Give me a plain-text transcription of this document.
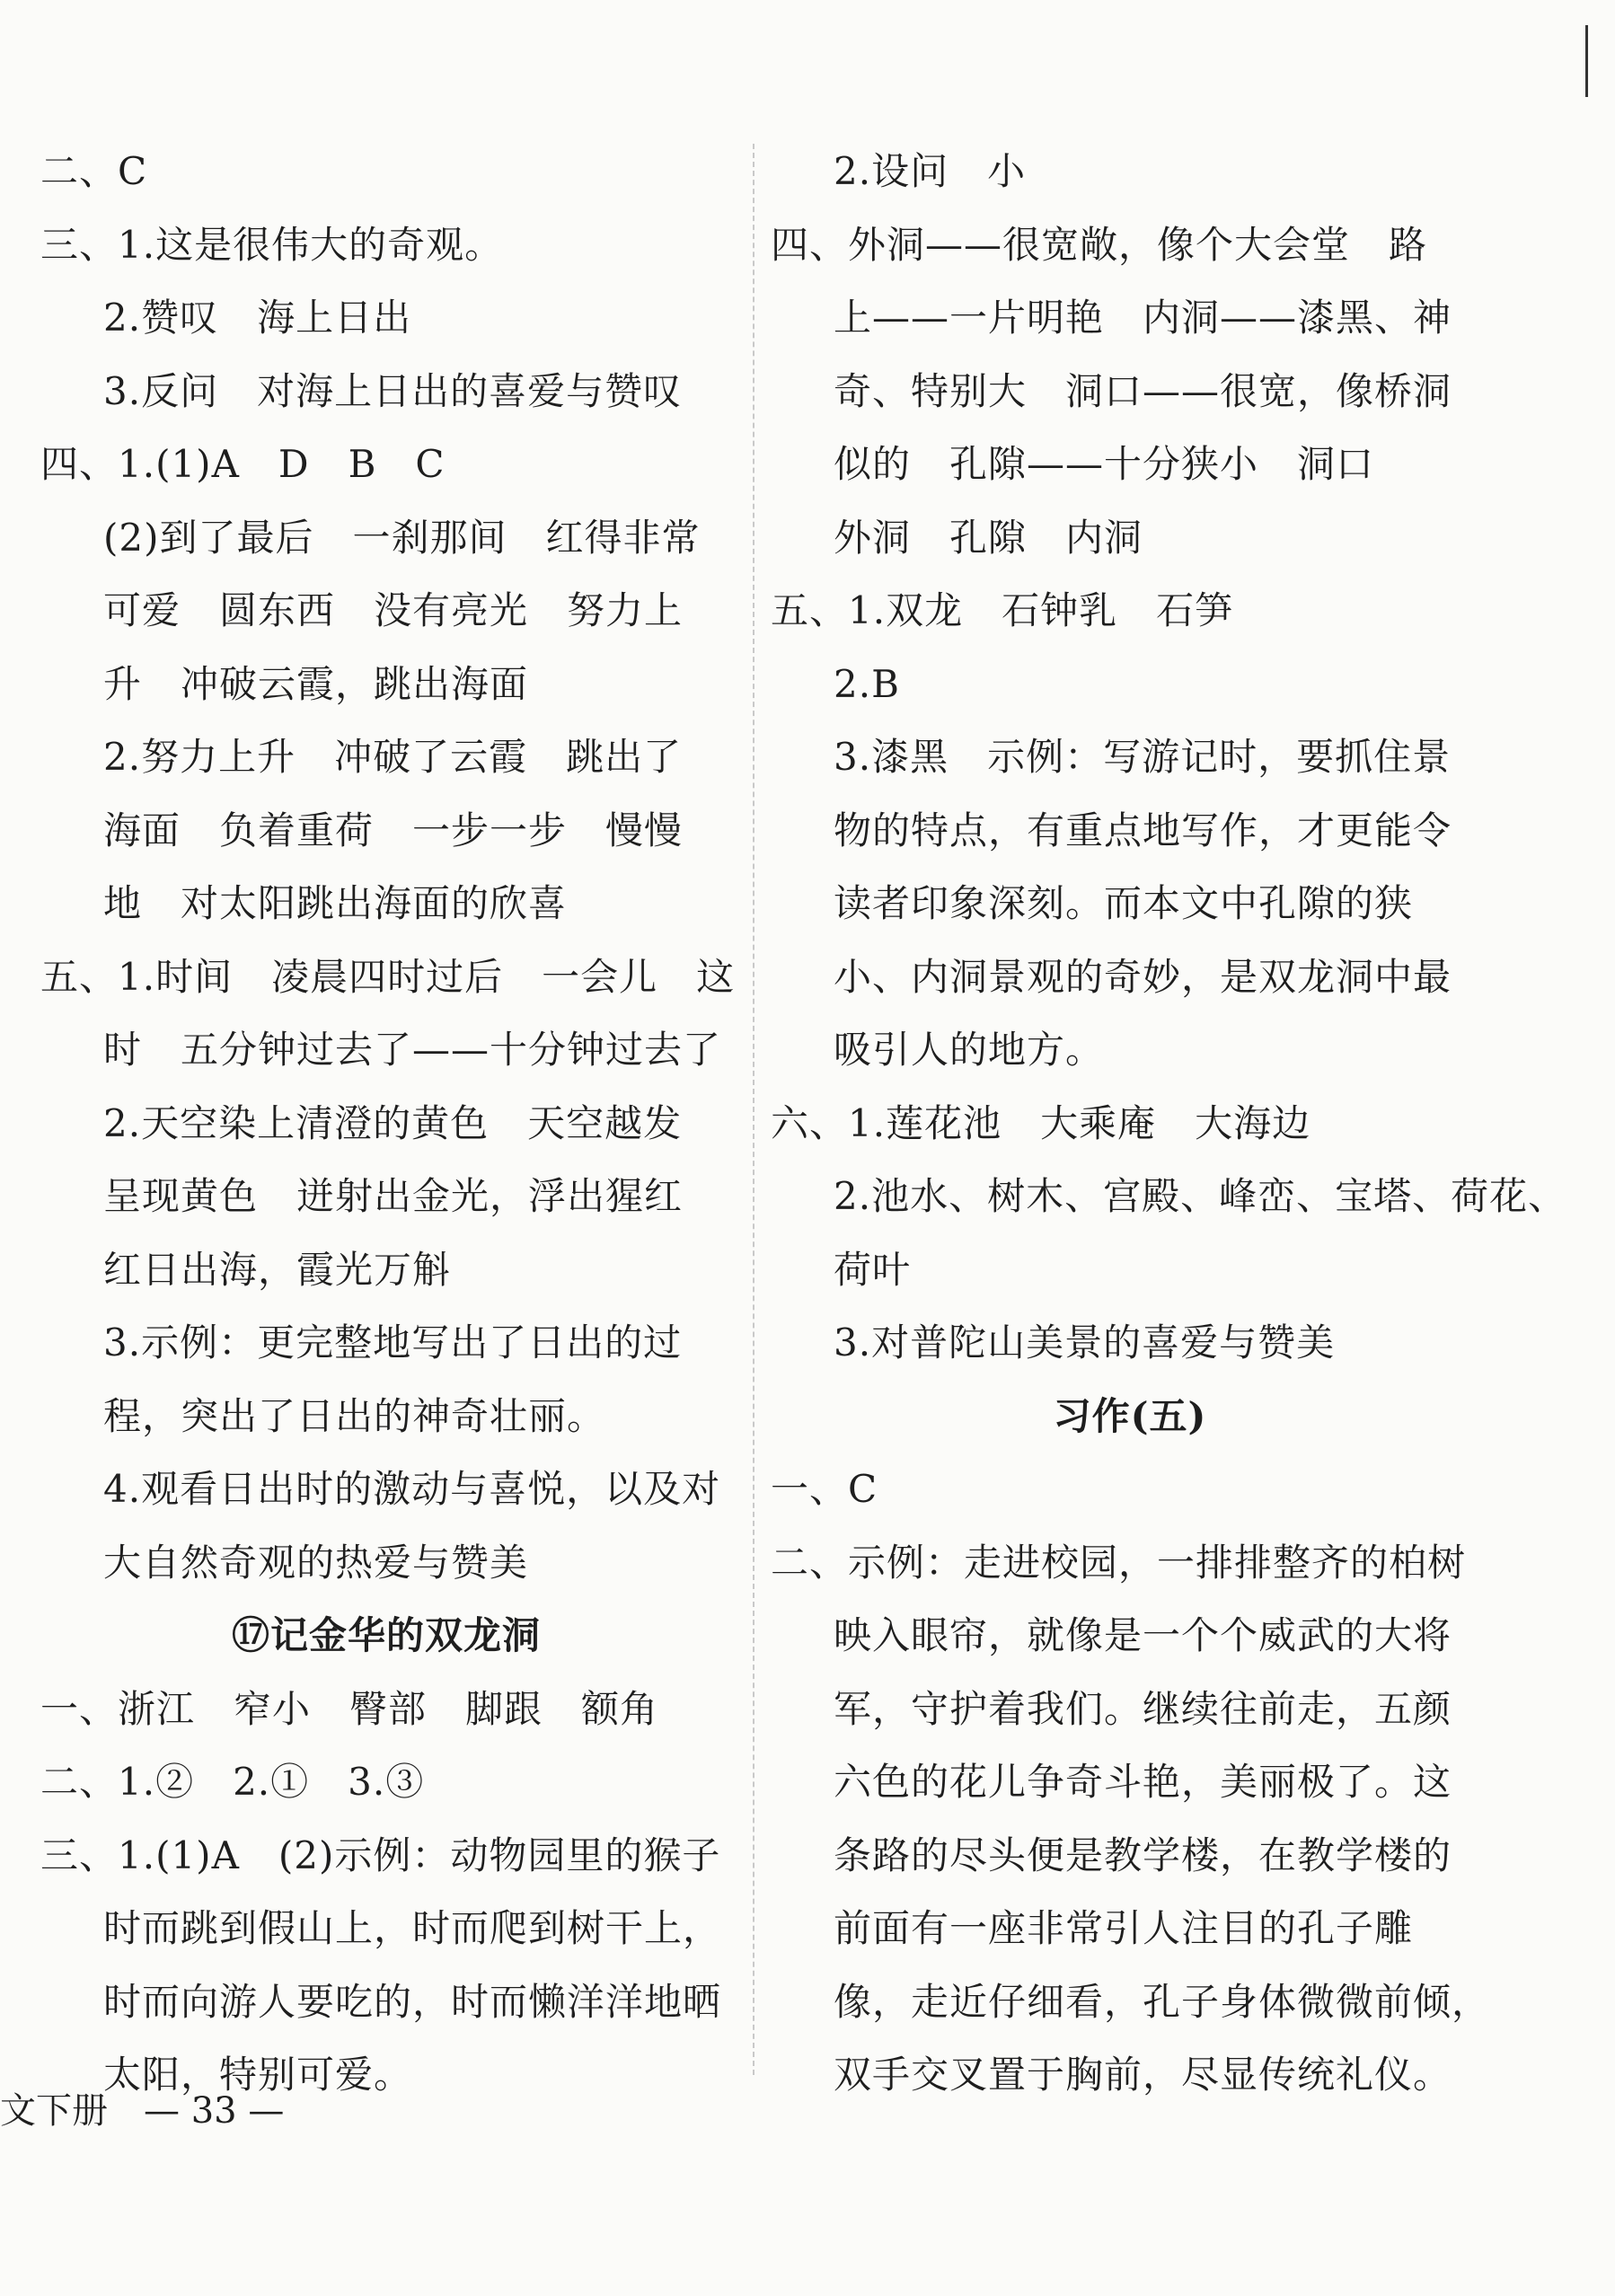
二、C
三、1.这是很伟大的奇观。
2.赞叹　海上日出
3.反问　对海上日出的喜爱与赞叹
四、1.(1)A　D　B　C
(2)到了最后　一刹那间　红得非常
可爱　圆东西　没有亮光　努力上
升　冲破云霞，跳出海面
2.努力上升　冲破了云霞　跳出了
海面　负着重荷　一步一步　慢慢
地　对太阳跳出海面的欣喜
五、1.时间　凌晨四时过后　一会儿　这
时　五分钟过去了——十分钟过去了
2.天空染上清澄的黄色　天空越发
呈现黄色　迸射出金光，浮出猩红
红日出海，霞光万斛
3.示例：更完整地写出了日出的过
程，突出了日出的神奇壮丽。
4.观看日出时的激动与喜悦，以及对
大自然奇观的热爱与赞美
⑰记金华的双龙洞
一、浙江　窄小　臀部　脚跟　额角
二、1.②　2.①　3.③
三、1.(1)A　(2)示例：动物园里的猴子
时而跳到假山上，时而爬到树干上，
时而向游人要吃的，时而懒洋洋地晒
太阳，特别可爱。
2.设问　小
四、外洞——很宽敞，像个大会堂　路
上——一片明艳　内洞——漆黑、神
奇、特别大　洞口——很宽，像桥洞
似的　孔隙——十分狭小　洞口
外洞　孔隙　内洞
五、1.双龙　石钟乳　石笋
2.B
3.漆黑　示例：写游记时，要抓住景
物的特点，有重点地写作，才更能令
读者印象深刻。而本文中孔隙的狭
小、内洞景观的奇妙，是双龙洞中最
吸引人的地方。
六、1.莲花池　大乘庵　大海边
2.池水、树木、宫殿、峰峦、宝塔、荷花、
荷叶
3.对普陀山美景的喜爱与赞美
习作(五)
一、C
二、示例：走进校园，一排排整齐的柏树
映入眼帘，就像是一个个威武的大将
军，守护着我们。继续往前走，五颜
六色的花儿争奇斗艳，美丽极了。这
条路的尽头便是教学楼，在教学楼的
前面有一座非常引人注目的孔子雕
像，走近仔细看，孔子身体微微前倾，
双手交叉置于胸前，尽显传统礼仪。
文下册　— 33 —
